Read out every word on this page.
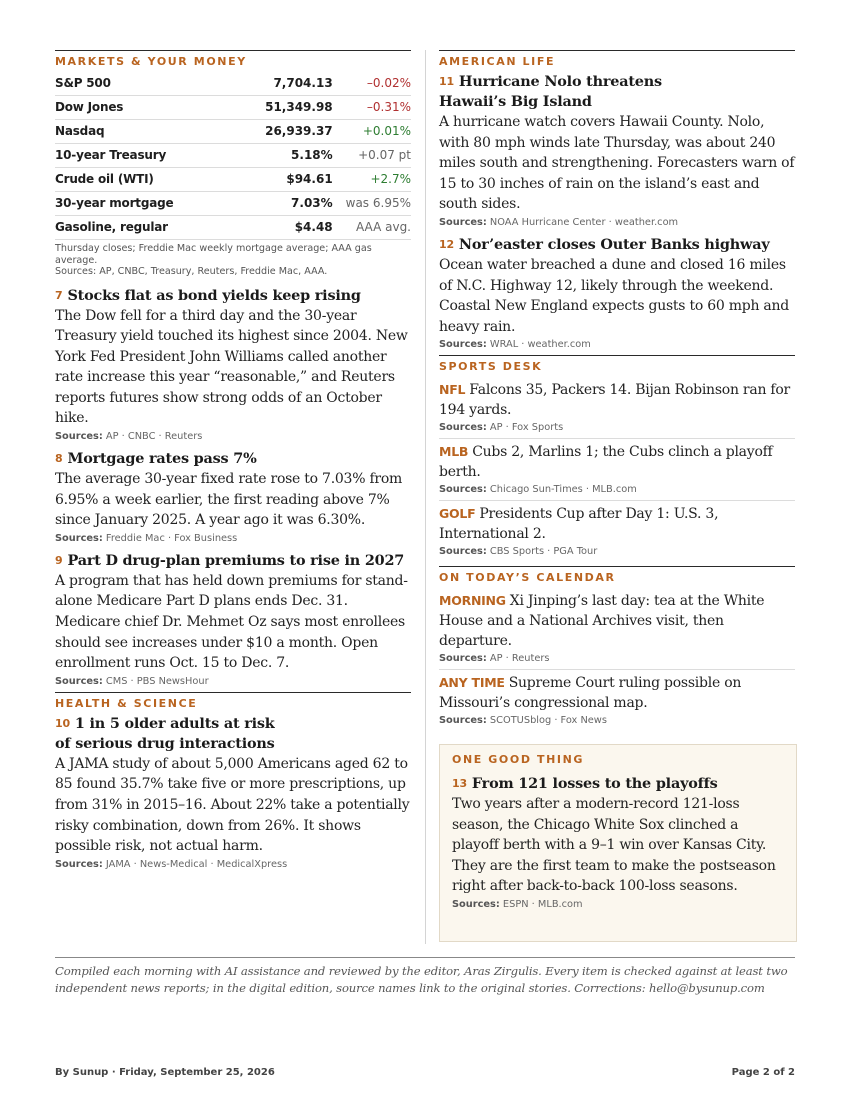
MARKETS & YOUR MONEY
S&P 500	7,704.13	–0.02%
Dow Jones	51,349.98	–0.31%
Nasdaq	26,939.37	+0.01%
10-year Treasury	5.18%	+0.07 pt
Crude oil (WTI)	$94.61	+2.7%
30-year mortgage	7.03%	was 6.95%
Gasoline, regular	$4.48	AAA avg.
Thursday closes; Freddie Mac weekly mortgage average; AAA gas average.
Sources: AP, CNBC, Treasury, Reuters, Freddie Mac, AAA.
7 Stocks flat as bond yields keep rising
The Dow fell for a third day and the 30-year Treasury yield touched its highest since 2004. New York Fed President John Williams called another rate increase this year “reasonable,” and Reuters reports futures show strong odds of an October hike.
Sources: AP · CNBC · Reuters
8 Mortgage rates pass 7%
The average 30-year fixed rate rose to 7.03% from 6.95% a week earlier, the first reading above 7% since January 2025. A year ago it was 6.30%.
Sources: Freddie Mac · Fox Business
9 Part D drug-plan premiums to rise in 2027
A program that has held down premiums for stand-alone Medicare Part D plans ends Dec. 31. Medicare chief Dr. Mehmet Oz says most enrollees should see increases under $10 a month. Open enrollment runs Oct. 15 to Dec. 7.
Sources: CMS · PBS NewsHour
HEALTH & SCIENCE
10 1 in 5 older adults at risk
of serious drug interactions
A JAMA study of about 5,000 Americans aged 62 to 85 found 35.7% take five or more prescriptions, up from 31% in 2015–16. About 22% take a potentially risky combination, down from 26%. It shows possible risk, not actual harm.
Sources: JAMA · News-Medical · MedicalXpress
AMERICAN LIFE
11 Hurricane Nolo threatens
Hawaii’s Big Island
A hurricane watch covers Hawaii County. Nolo, with 80 mph winds late Thursday, was about 240 miles south and strengthening. Forecasters warn of 15 to 30 inches of rain on the island’s east and south sides.
Sources: NOAA Hurricane Center · weather.com
12 Nor’easter closes Outer Banks highway
Ocean water breached a dune and closed 16 miles of N.C. Highway 12, likely through the weekend. Coastal New England expects gusts to 60 mph and heavy rain.
Sources: WRAL · weather.com
SPORTS DESK
NFL Falcons 35, Packers 14. Bijan Robinson ran for 194 yards.
Sources: AP · Fox Sports
MLB Cubs 2, Marlins 1; the Cubs clinch a playoff berth.
Sources: Chicago Sun-Times · MLB.com
GOLF Presidents Cup after Day 1: U.S. 3, International 2.
Sources: CBS Sports · PGA Tour
ON TODAY’S CALENDAR
MORNING Xi Jinping’s last day: tea at the White House and a National Archives visit, then departure.
Sources: AP · Reuters
ANY TIME Supreme Court ruling possible on Missouri’s congressional map.
Sources: SCOTUSblog · Fox News
ONE GOOD THING
13 From 121 losses to the playoffs
Two years after a modern-record 121-loss season, the Chicago White Sox clinched a playoff berth with a 9–1 win over Kansas City. They are the first team to make the postseason right after back-to-back 100-loss seasons.
Sources: ESPN · MLB.com
Compiled each morning with AI assistance and reviewed by the editor, Aras Zirgulis. Every item is checked against at least two independent news reports; in the digital edition, source names link to the original stories. Corrections: hello@bysunup.com
By Sunup · Friday, September 25, 2026	Page 2 of 2
